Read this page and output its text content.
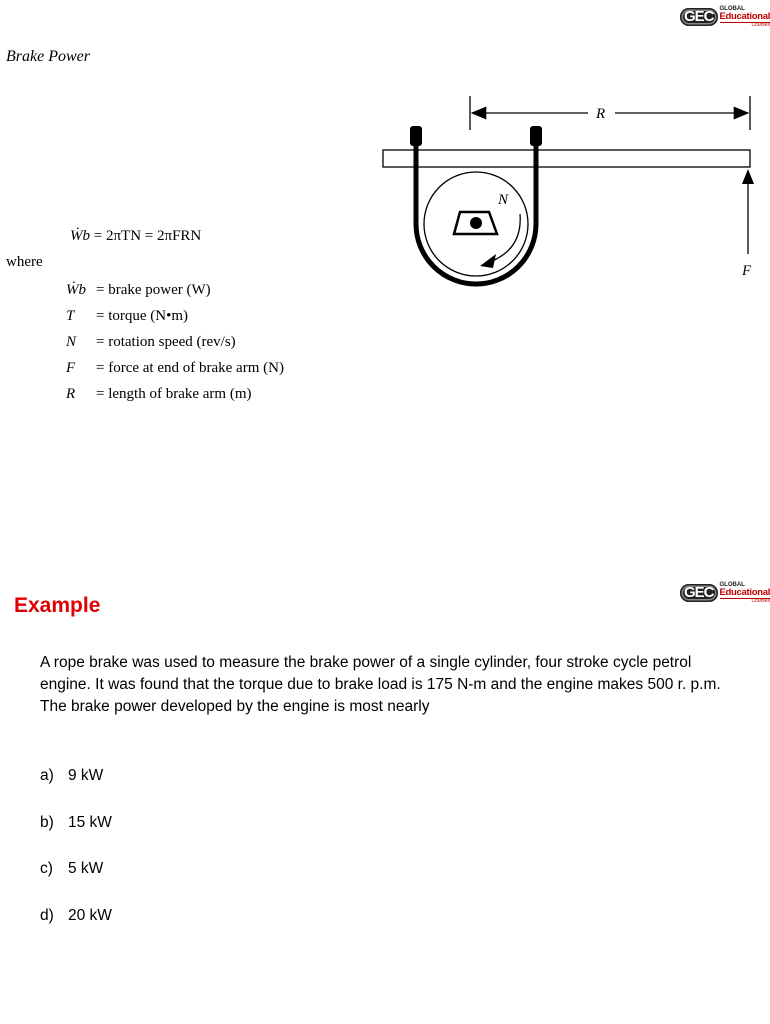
GEC	GLOBAL
Educational
Courses
Brake Power
Ẇb = 2πTN = 2πFRN
where
Ẇb = brake power (W)
T	= torque (N•m)
N	= rotation speed (rev/s)
F	= force at end of brake arm (N)
R	= length of brake arm (m)
R
N
F
GEC	GLOBAL
Educational
Courses
Example
A rope brake was used to measure the brake power of a single cylinder, four stroke cycle petrol engine. It was found that the torque due to brake load is 175 N-m and the engine makes 500 r. p.m. The brake power developed by the engine is most nearly
a) 9 kW
b) 15 kW
c) 5 kW
d) 20 kW
